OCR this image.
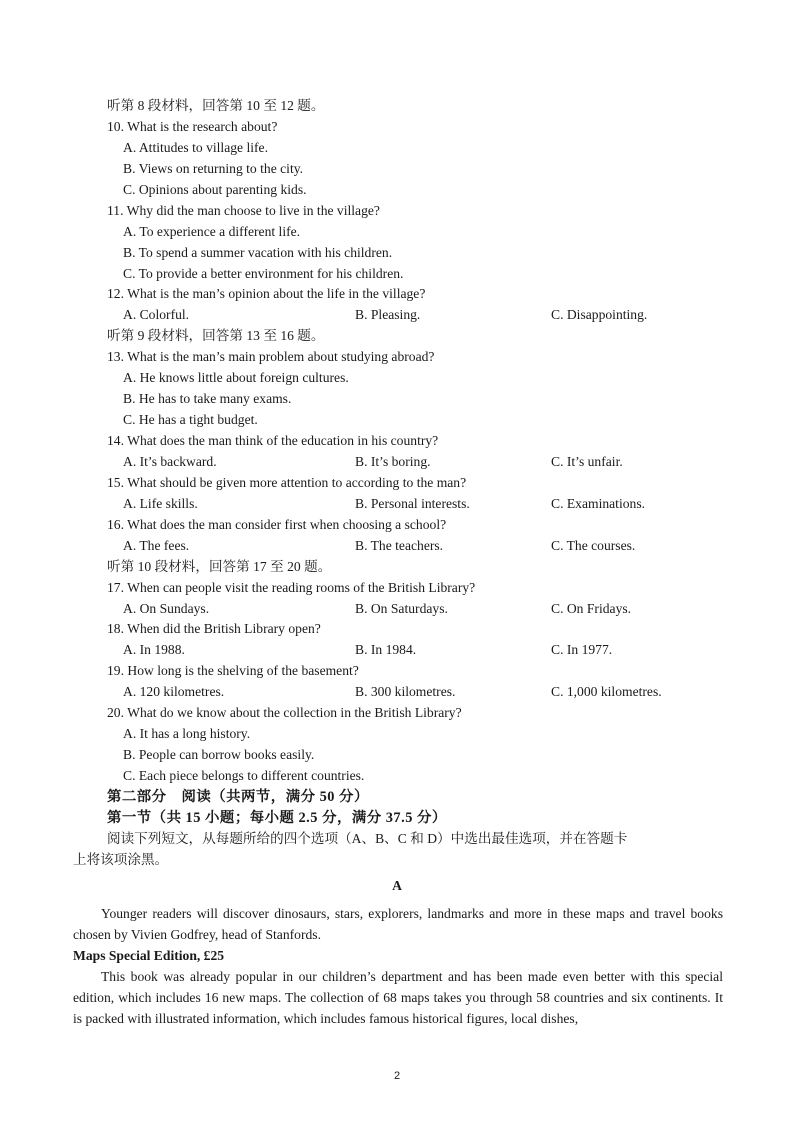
听第 8 段材料，回答第 10 至 12 题。
10. What is the research about?
A. Attitudes to village life.
B. Views on returning to the city.
C. Opinions about parenting kids.
11. Why did the man choose to live in the village?
A. To experience a different life.
B. To spend a summer vacation with his children.
C. To provide a better environment for his children.
12. What is the man’s opinion about the life in the village?
A. Colorful.	B. Pleasing.	C. Disappointing.
听第 9 段材料，回答第 13 至 16 题。
13. What is the man’s main problem about studying abroad?
A. He knows little about foreign cultures.
B. He has to take many exams.
C. He has a tight budget.
14. What does the man think of the education in his country?
A. It’s backward.	B. It’s boring.	C. It’s unfair.
15. What should be given more attention to according to the man?
A. Life skills.	B. Personal interests.	C. Examinations.
16. What does the man consider first when choosing a school?
A. The fees.	B. The teachers.	C. The courses.
听第 10 段材料，回答第 17 至 20 题。
17. When can people visit the reading rooms of the British Library?
A. On Sundays.	B. On Saturdays.	C. On Fridays.
18. When did the British Library open?
A. In 1988.	B. In 1984.	C. In 1977.
19. How long is the shelving of the basement?
A. 120 kilometres.	B. 300 kilometres.	C. 1,000 kilometres.
20. What do we know about the collection in the British Library?
A. It has a long history.
B. People can borrow books easily.
C. Each piece belongs to different countries.
第二部分　阅读（共两节，满分 50 分）
第一节（共 15 小题；每小题 2.5 分，满分 37.5 分）
阅读下列短文，从每题所给的四个选项（A、B、C 和 D）中选出最佳选项，并在答题卡
上将该项涂黑。
A
Younger readers will discover dinosaurs, stars, explorers, landmarks and more in these maps and travel books chosen by Vivien Godfrey, head of Stanfords.
Maps Special Edition, £25
This book was already popular in our children’s department and has been made even better with this special edition, which includes 16 new maps. The collection of 68 maps takes you through 58 countries and six continents. It is packed with illustrated information, which includes famous historical figures, local dishes,
2
